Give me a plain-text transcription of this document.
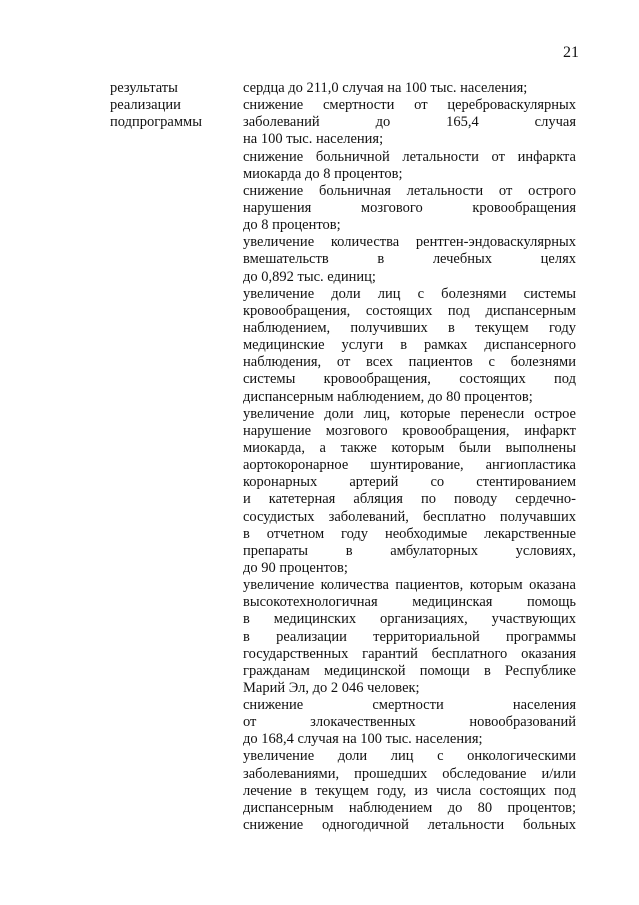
21
результаты
реализации
подпрограммы
сердца до 211,0 случая на 100 тыс. населения;
снижение смертности от цереброваскулярных
заболеваний до 165,4 случая
на 100 тыс. населения;
снижение больничной летальности от инфаркта
миокарда до 8 процентов;
снижение больничная летальности от острого
нарушения мозгового кровообращения
до 8 процентов;
увеличение количества рентген-эндоваскулярных
вмешательств в лечебных целях
до 0,892 тыс. единиц;
увеличение доли лиц с болезнями системы
кровообращения, состоящих под диспансерным
наблюдением, получивших в текущем году
медицинские услуги в рамках диспансерного
наблюдения, от всех пациентов с болезнями
системы кровообращения, состоящих под
диспансерным наблюдением, до 80 процентов;
увеличение доли лиц, которые перенесли острое
нарушение мозгового кровообращения, инфаркт
миокарда, а также которым были выполнены
аортокоронарное шунтирование, ангиопластика
коронарных артерий со стентированием
и катетерная абляция по поводу сердечно-
сосудистых заболеваний, бесплатно получавших
в отчетном году необходимые лекарственные
препараты в амбулаторных условиях,
до 90 процентов;
увеличение количества пациентов, которым оказана
высокотехнологичная медицинская помощь
в медицинских организациях, участвующих
в реализации территориальной программы
государственных гарантий бесплатного оказания
гражданам медицинской помощи в Республике
Марий Эл, до 2 046 человек;
снижение смертности населения
от злокачественных новообразований
до 168,4 случая на 100 тыс. населения;
увеличение доли лиц с онкологическими
заболеваниями, прошедших обследование и/или
лечение в текущем году, из числа состоящих под
диспансерным наблюдением до 80 процентов;
снижение одногодичной летальности больных
